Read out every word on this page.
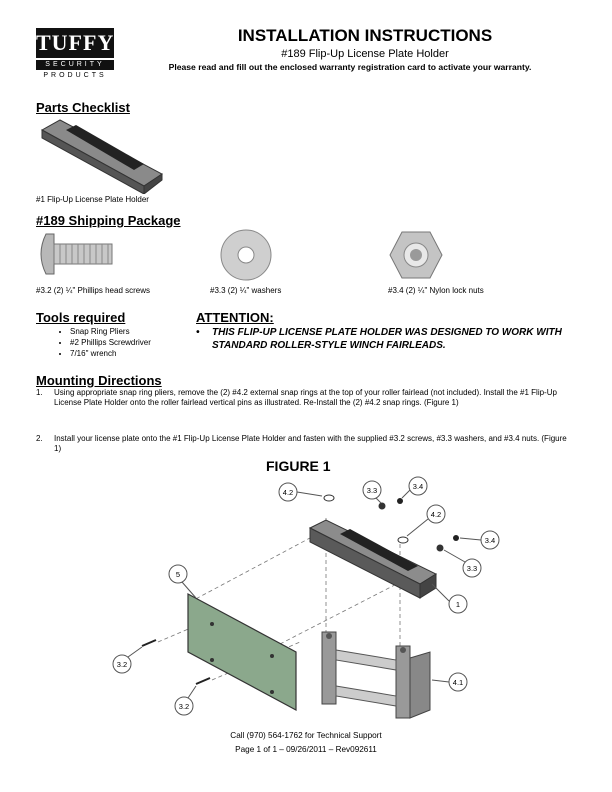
TUFFY
SECURITY
PRODUCTS
INSTALLATION INSTRUCTIONS
#189 Flip-Up License Plate Holder
Please read and fill out the enclosed warranty registration card to activate your warranty.
Parts Checklist
#1 Flip-Up License Plate Holder
#189 Shipping Package
#3.2 (2) ¼" Phillips head screws	#3.3 (2) ¼" washers	#3.4 (2) ¼" Nylon lock nuts
Tools required
• Snap Ring Pliers
• #2 Phillips Screwdriver
• 7/16" wrench
ATTENTION:
•	THIS FLIP-UP LICENSE PLATE HOLDER WAS DESIGNED TO WORK WITH STANDARD ROLLER-STYLE WINCH FAIRLEADS.
Mounting Directions
1.	Using appropriate snap ring pliers, remove the (2) #4.2 external snap rings at the top of your roller fairlead (not included). Install the #1 Flip-Up License Plate Holder onto the roller fairlead vertical pins as illustrated. Re-Install the (2) #4.2 snap rings. (Figure 1)
2.	Install your license plate onto the #1 Flip-Up License Plate Holder and fasten with the supplied #3.2 screws, #3.3 washers, and #3.4 nuts. (Figure 1)
FIGURE 1
4.2	3.3	3.4
4.2
3.4
3.3
1
5
3.2
3.2
4.1
Call (970) 564-1762 for Technical Support
Page 1 of 1 – 09/26/2011 – Rev092611
